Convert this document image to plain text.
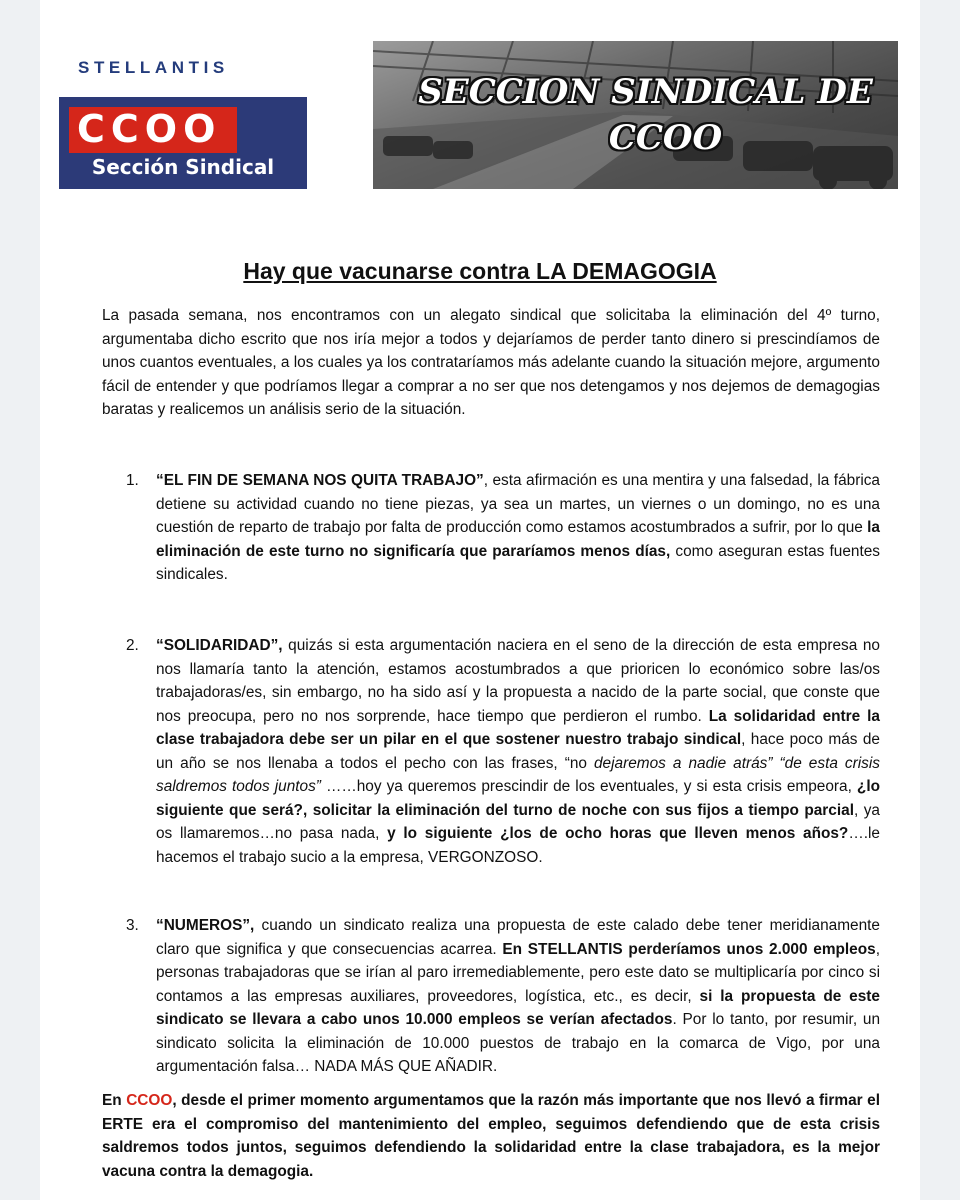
STELLANTIS
CCOO
Sección Sindical
SECCION SINDICAL DE
CCOO
Hay que vacunarse contra LA DEMAGOGIA
La pasada semana, nos encontramos con un alegato sindical que solicitaba la eliminación del 4º turno, argumentaba dicho escrito que nos iría mejor a todos y dejaríamos de perder tanto dinero si prescindíamos de unos cuantos eventuales, a los cuales ya los contrataríamos más adelante cuando la situación mejore, argumento fácil de entender y que podríamos llegar a comprar a no ser que nos detengamos y nos dejemos de demagogias baratas y realicemos un análisis serio de la situación.
1.	“EL FIN DE SEMANA NOS QUITA TRABAJO”, esta afirmación es una mentira y una falsedad, la fábrica detiene su actividad cuando no tiene piezas, ya sea un martes, un viernes o un domingo, no es una cuestión de reparto de trabajo por falta de producción como estamos acostumbrados a sufrir, por lo que la eliminación de este turno no significaría que pararíamos menos días, como aseguran estas fuentes sindicales.
2.	“SOLIDARIDAD”, quizás si esta argumentación naciera en el seno de la dirección de esta empresa no nos llamaría tanto la atención, estamos acostumbrados a que prioricen lo económico sobre las/os trabajadoras/es, sin embargo, no ha sido así y la propuesta a nacido de la parte social, que conste que nos preocupa, pero no nos sorprende, hace tiempo que perdieron el rumbo. La solidaridad entre la clase trabajadora debe ser un pilar en el que sostener nuestro trabajo sindical, hace poco más de un año se nos llenaba a todos el pecho con las frases, “no dejaremos a nadie atrás” “de esta crisis saldremos todos juntos” ……hoy ya queremos prescindir de los eventuales, y si esta crisis empeora, ¿lo siguiente que será?, solicitar la eliminación del turno de noche con sus fijos a tiempo parcial, ya os llamaremos…no pasa nada, y lo siguiente ¿los de ocho horas que lleven menos años?….le hacemos el trabajo sucio a la empresa, VERGONZOSO.
3.	“NUMEROS”, cuando un sindicato realiza una propuesta de este calado debe tener meridianamente claro que significa y que consecuencias acarrea. En STELLANTIS perderíamos unos 2.000 empleos, personas trabajadoras que se irían al paro irremediablemente, pero este dato se multiplicaría por cinco si contamos a las empresas auxiliares, proveedores, logística, etc., es decir, si la propuesta de este sindicato se llevara a cabo unos 10.000 empleos se verían afectados. Por lo tanto, por resumir, un sindicato solicita la eliminación de 10.000 puestos de trabajo en la comarca de Vigo, por una argumentación falsa… NADA MÁS QUE AÑADIR.
En CCOO, desde el primer momento argumentamos que la razón más importante que nos llevó a firmar el ERTE era el compromiso del mantenimiento del empleo, seguimos defendiendo que de esta crisis saldremos todos juntos, seguimos defendiendo la solidaridad entre la clase trabajadora, es la mejor vacuna contra la demagogia.
